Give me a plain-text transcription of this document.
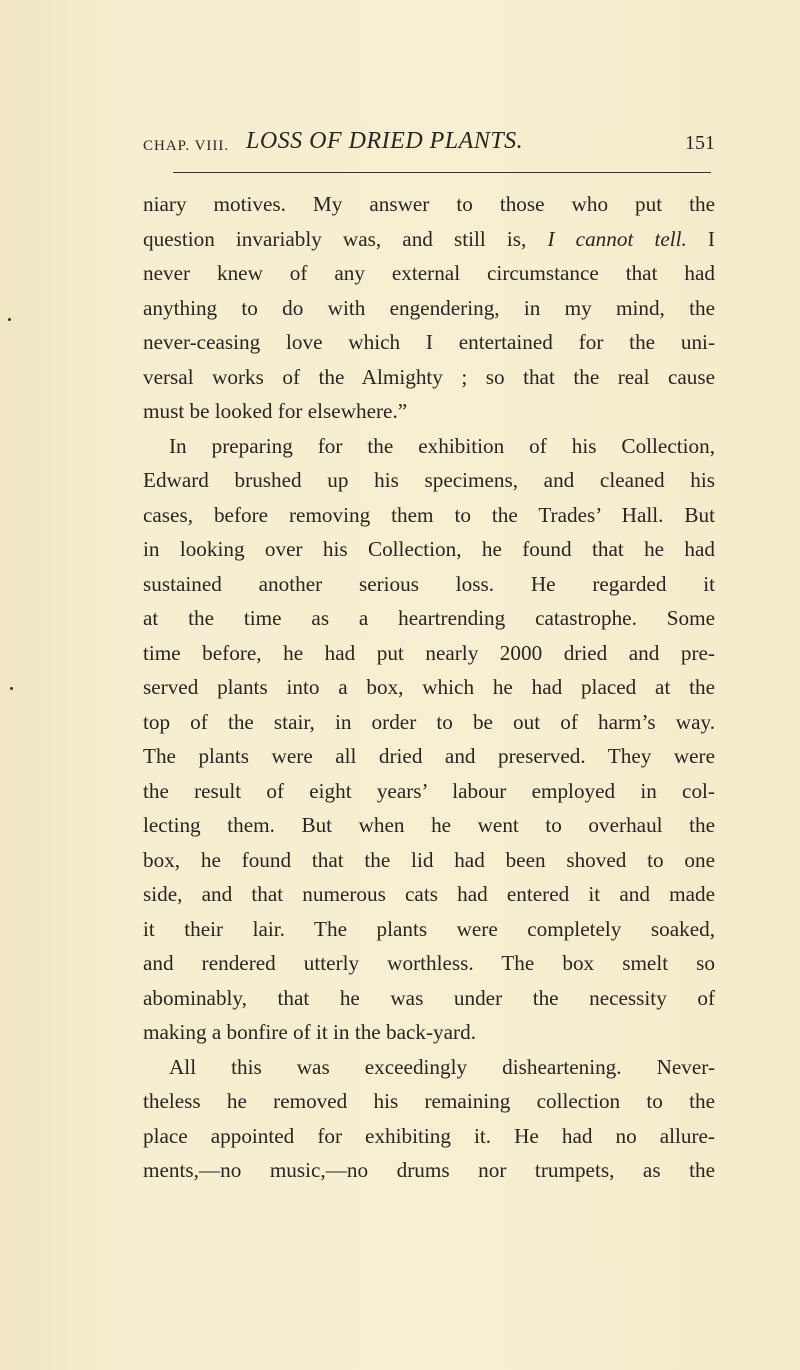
CHAP. VIII. LOSS OF DRIED PLANTS.	151
niary motives. My answer to those who put the
question invariably was, and still is, I cannot tell. I
never knew of any external circumstance that had
anything to do with engendering, in my mind, the
never-ceasing love which I entertained for the uni-
versal works of the Almighty ; so that the real cause
must be looked for elsewhere.”
In preparing for the exhibition of his Collection,
Edward brushed up his specimens, and cleaned his
cases, before removing them to the Trades’ Hall. But
in looking over his Collection, he found that he had
sustained another serious loss. He regarded it
at the time as a heartrending catastrophe. Some
time before, he had put nearly 2000 dried and pre-
served plants into a box, which he had placed at the
top of the stair, in order to be out of harm’s way.
The plants were all dried and preserved. They were
the result of eight years’ labour employed in col-
lecting them. But when he went to overhaul the
box, he found that the lid had been shoved to one
side, and that numerous cats had entered it and made
it their lair. The plants were completely soaked,
and rendered utterly worthless. The box smelt so
abominably, that he was under the necessity of
making a bonfire of it in the back-yard.
All this was exceedingly disheartening. Never-
theless he removed his remaining collection to the
place appointed for exhibiting it. He had no allure-
ments,—no music,—no drums nor trumpets, as the
